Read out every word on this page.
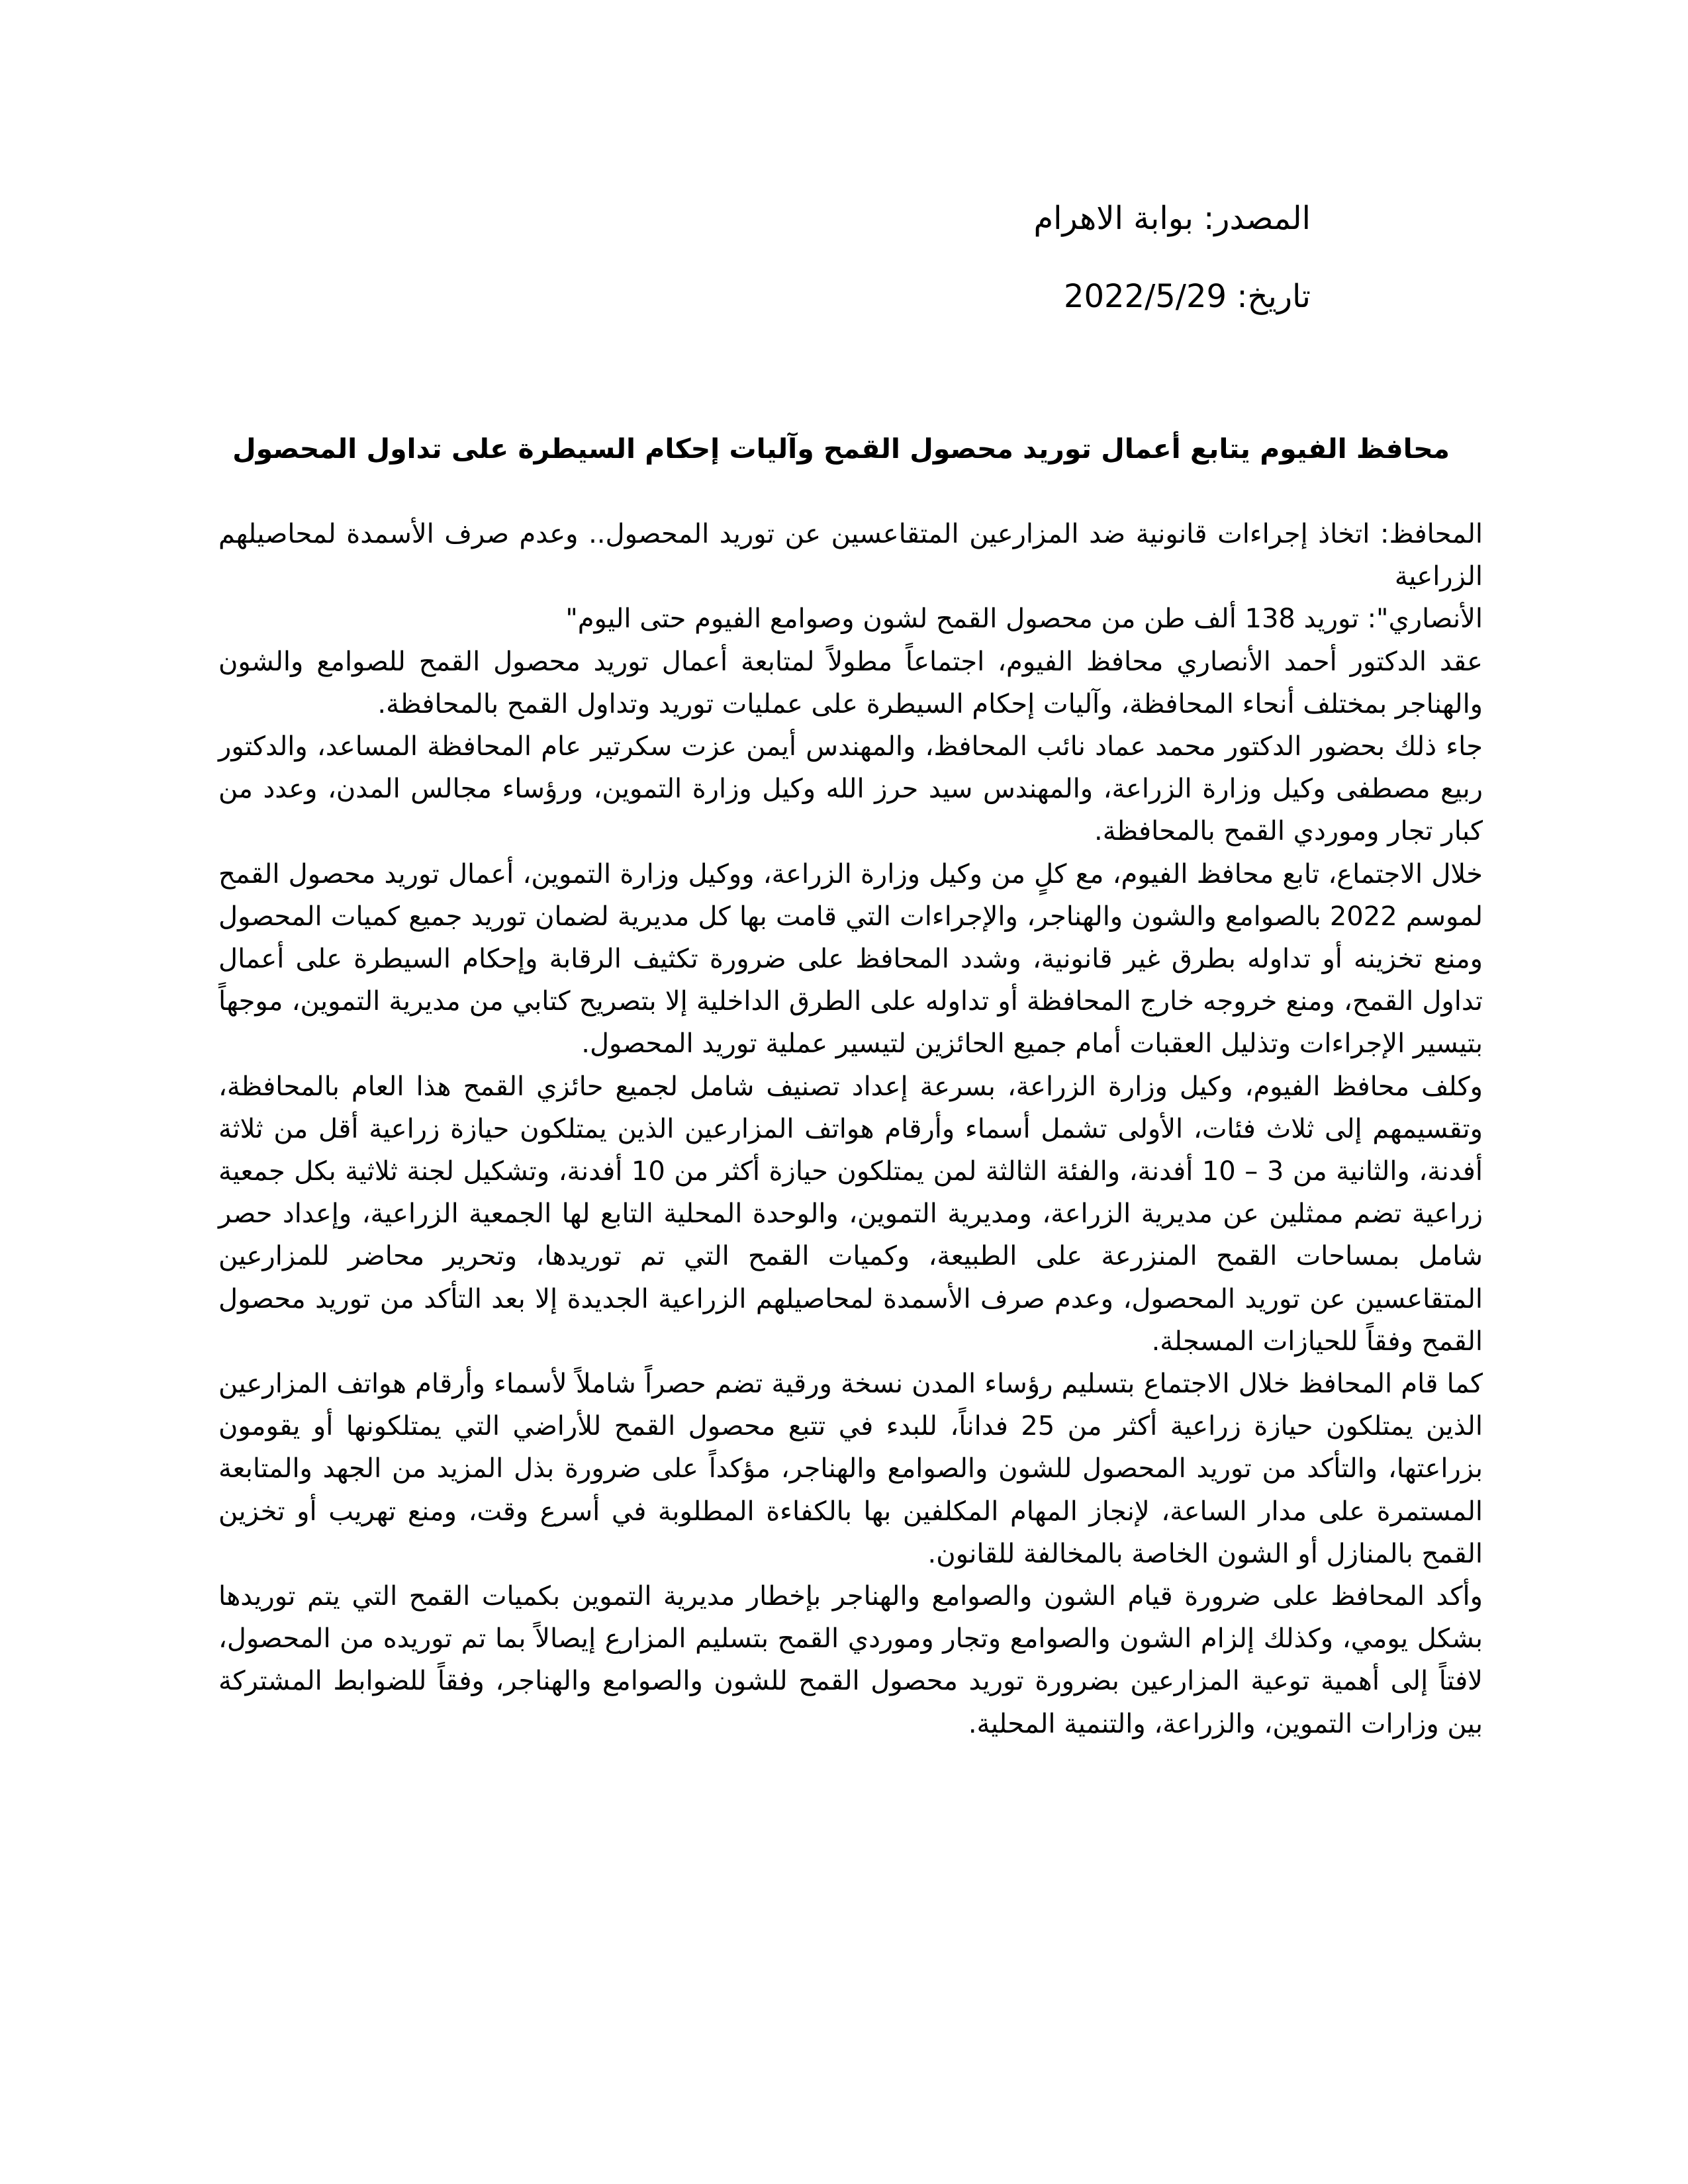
المصدر: بوابة الاهرام
تاريخ: 2022/5/29
محافظ الفيوم يتابع أعمال توريد محصول القمح وآليات إحكام السيطرة على تداول المحصول

المحافظ: اتخاذ إجراءات قانونية ضد المزارعين المتقاعسين عن توريد المحصول.. وعدم صرف الأسمدة لمحاصيلهم الزراعية

الأنصاري": توريد 138 ألف طن من محصول القمح لشون وصوامع الفيوم حتى اليوم"

عقد الدكتور أحمد الأنصاري محافظ الفيوم، اجتماعاً مطولاً لمتابعة أعمال توريد محصول القمح للصوامع والشون والهناجر بمختلف أنحاء المحافظة، وآليات إحكام السيطرة على عمليات توريد وتداول القمح بالمحافظة.

جاء ذلك بحضور الدكتور محمد عماد نائب المحافظ، والمهندس أيمن عزت سكرتير عام المحافظة المساعد، والدكتور ربيع مصطفى وكيل وزارة الزراعة، والمهندس سيد حرز الله وكيل وزارة التموين، ورؤساء مجالس المدن، وعدد من كبار تجار وموردي القمح بالمحافظة.

خلال الاجتماع، تابع محافظ الفيوم، مع كلٍ من وكيل وزارة الزراعة، ووكيل وزارة التموين، أعمال توريد محصول القمح لموسم 2022 بالصوامع والشون والهناجر، والإجراءات التي قامت بها كل مديرية لضمان توريد جميع كميات المحصول ومنع تخزينه أو تداوله بطرق غير قانونية، وشدد المحافظ على ضرورة تكثيف الرقابة وإحكام السيطرة على أعمال تداول القمح، ومنع خروجه خارج المحافظة أو تداوله على الطرق الداخلية إلا بتصريح كتابي من مديرية التموين، موجهاً بتيسير الإجراءات وتذليل العقبات أمام جميع الحائزين لتيسير عملية توريد المحصول.

وكلف محافظ الفيوم، وكيل وزارة الزراعة، بسرعة إعداد تصنيف شامل لجميع حائزي القمح هذا العام بالمحافظة، وتقسيمهم إلى ثلاث فئات، الأولى تشمل أسماء وأرقام هواتف المزارعين الذين يمتلكون حيازة زراعية أقل من ثلاثة أفدنة، والثانية من 3 – 10 أفدنة، والفئة الثالثة لمن يمتلكون حيازة أكثر من 10 أفدنة، وتشكيل لجنة ثلاثية بكل جمعية زراعية تضم ممثلين عن مديرية الزراعة، ومديرية التموين، والوحدة المحلية التابع لها الجمعية الزراعية، وإعداد حصر شامل بمساحات القمح المنزرعة على الطبيعة، وكميات القمح التي تم توريدها، وتحرير محاضر للمزارعين المتقاعسين عن توريد المحصول، وعدم صرف الأسمدة لمحاصيلهم الزراعية الجديدة إلا بعد التأكد من توريد محصول القمح وفقاً للحيازات المسجلة.

كما قام المحافظ خلال الاجتماع بتسليم رؤساء المدن نسخة ورقية تضم حصراً شاملاً لأسماء وأرقام هواتف المزارعين الذين يمتلكون حيازة زراعية أكثر من 25 فداناً، للبدء في تتبع محصول القمح للأراضي التي يمتلكونها أو يقومون بزراعتها، والتأكد من توريد المحصول للشون والصوامع والهناجر، مؤكداً على ضرورة بذل المزيد من الجهد والمتابعة المستمرة على مدار الساعة، لإنجاز المهام المكلفين بها بالكفاءة المطلوبة في أسرع وقت، ومنع تهريب أو تخزين القمح بالمنازل أو الشون الخاصة بالمخالفة للقانون.

وأكد المحافظ على ضرورة قيام الشون والصوامع والهناجر بإخطار مديرية التموين بكميات القمح التي يتم توريدها بشكل يومي، وكذلك إلزام الشون والصوامع وتجار وموردي القمح بتسليم المزارع إيصالاً بما تم توريده من المحصول، لافتاً إلى أهمية توعية المزارعين بضرورة توريد محصول القمح للشون والصوامع والهناجر، وفقاً للضوابط المشتركة بين وزارات التموين، والزراعة، والتنمية المحلية.
